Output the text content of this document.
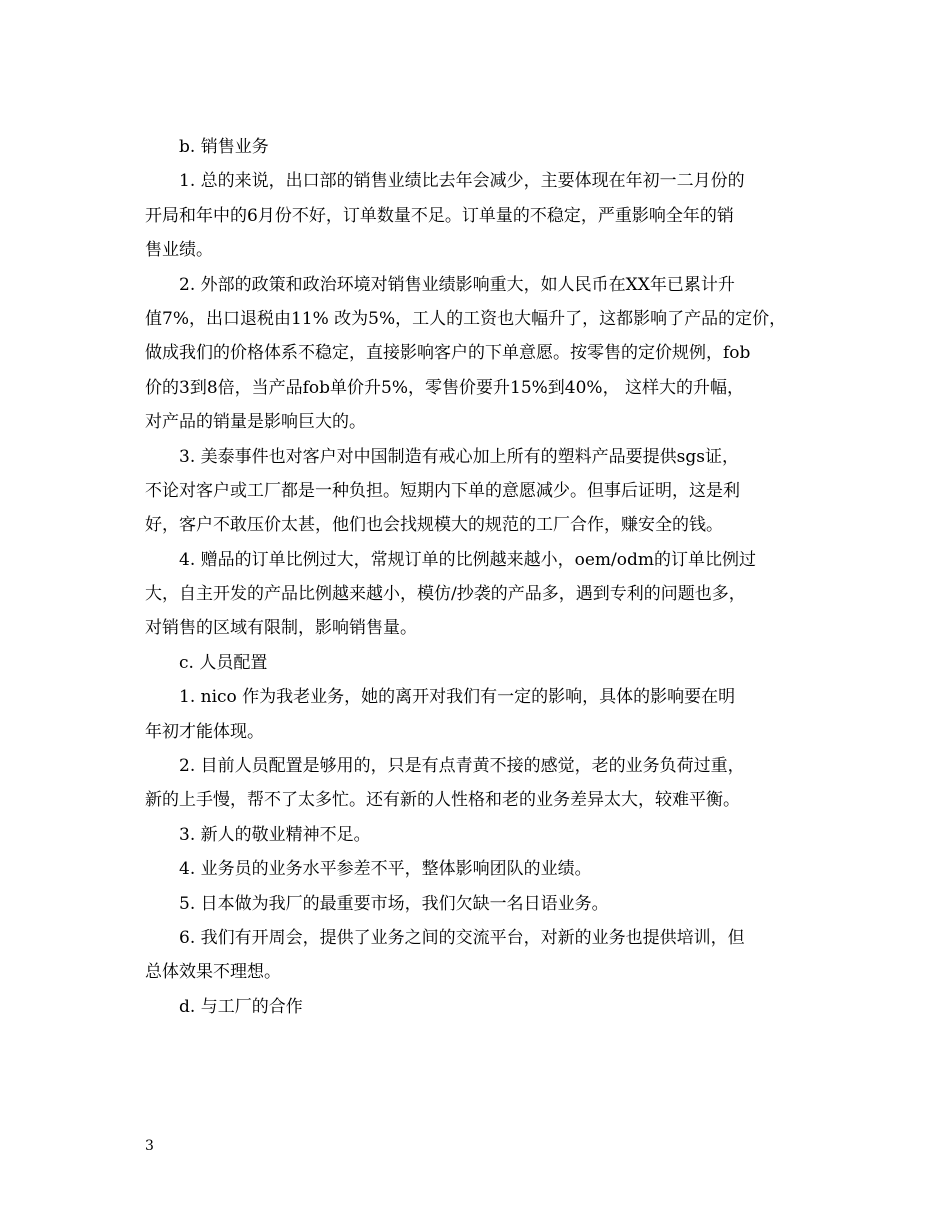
b. 销售业务
1. 总的来说，出口部的销售业绩比去年会减少，主要体现在年初一二月份的
开局和年中的6月份不好，订单数量不足。订单量的不稳定，严重影响全年的销
售业绩。
2. 外部的政策和政治环境对销售业绩影响重大，如人民币在XX年已累计升
值7%，出口退税由11% 改为5%，工人的工资也大幅升了，这都影响了产品的定价，
做成我们的价格体系不稳定，直接影响客户的下单意愿。按零售的定价规例，fob
价的3到8倍，当产品fob单价升5%，零售价要升15%到40%， 这样大的升幅，
对产品的销量是影响巨大的。
3. 美泰事件也对客户对中国制造有戒心加上所有的塑料产品要提供sgs证，
不论对客户或工厂都是一种负担。短期内下单的意愿减少。但事后证明，这是利
好，客户不敢压价太甚，他们也会找规模大的规范的工厂合作，赚安全的钱。
4. 赠品的订单比例过大，常规订单的比例越来越小，oem/odm的订单比例过
大，自主开发的产品比例越来越小，模仿/抄袭的产品多，遇到专利的问题也多，
对销售的区域有限制，影响销售量。
c. 人员配置
1. nico 作为我老业务，她的离开对我们有一定的影响，具体的影响要在明
年初才能体现。
2. 目前人员配置是够用的，只是有点青黄不接的感觉，老的业务负荷过重，
新的上手慢，帮不了太多忙。还有新的人性格和老的业务差异太大，较难平衡。
3. 新人的敬业精神不足。
4. 业务员的业务水平参差不平，整体影响团队的业绩。
5. 日本做为我厂的最重要市场，我们欠缺一名日语业务。
6. 我们有开周会，提供了业务之间的交流平台，对新的业务也提供培训，但
总体效果不理想。
d. 与工厂的合作
3
